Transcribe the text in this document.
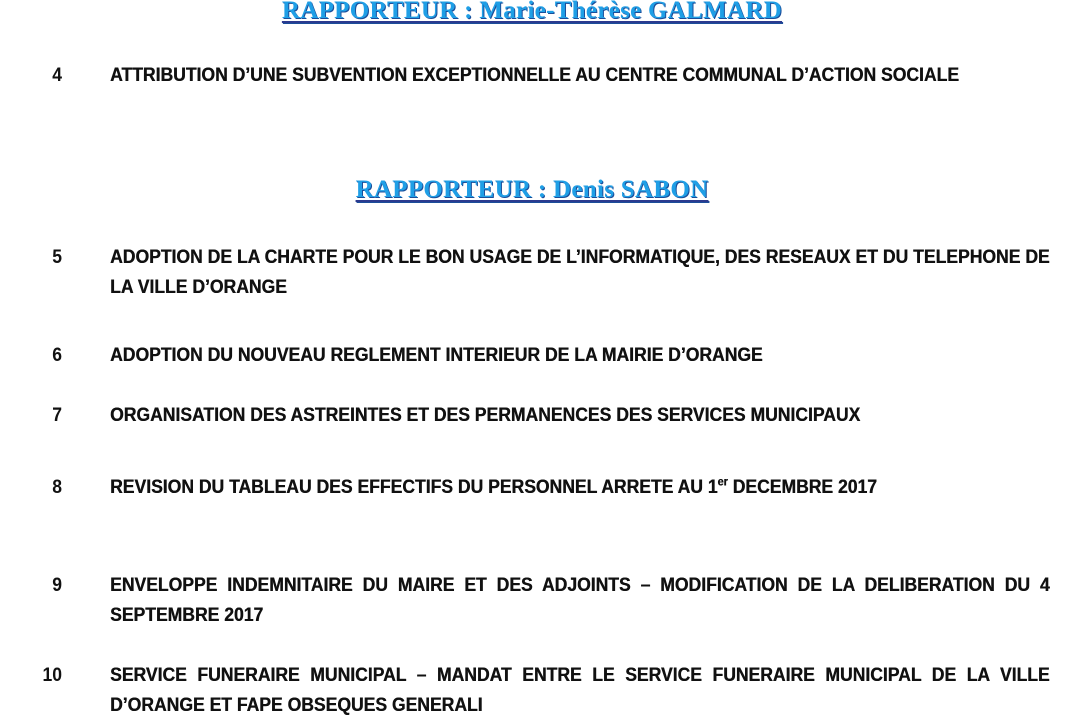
RAPPORTEUR : Marie-Thérèse GALMARD
4 ATTRIBUTION D’UNE SUBVENTION EXCEPTIONNELLE AU CENTRE COMMUNAL D’ACTION SOCIALE
RAPPORTEUR : Denis SABON
5 ADOPTION DE LA CHARTE POUR LE BON USAGE DE L’INFORMATIQUE, DES RESEAUX ET DU TELEPHONE DE LA VILLE D’ORANGE
6 ADOPTION DU NOUVEAU REGLEMENT INTERIEUR DE LA MAIRIE D’ORANGE
7 ORGANISATION DES ASTREINTES ET DES PERMANENCES DES SERVICES MUNICIPAUX
8 REVISION DU TABLEAU DES EFFECTIFS DU PERSONNEL ARRETE AU 1er DECEMBRE 2017
9 ENVELOPPE INDEMNITAIRE DU MAIRE ET DES ADJOINTS – MODIFICATION DE LA DELIBERATION DU 4 SEPTEMBRE 2017
10 SERVICE FUNERAIRE MUNICIPAL – MANDAT ENTRE LE SERVICE FUNERAIRE MUNICIPAL DE LA VILLE D’ORANGE ET FAPE OBSEQUES GENERALI
